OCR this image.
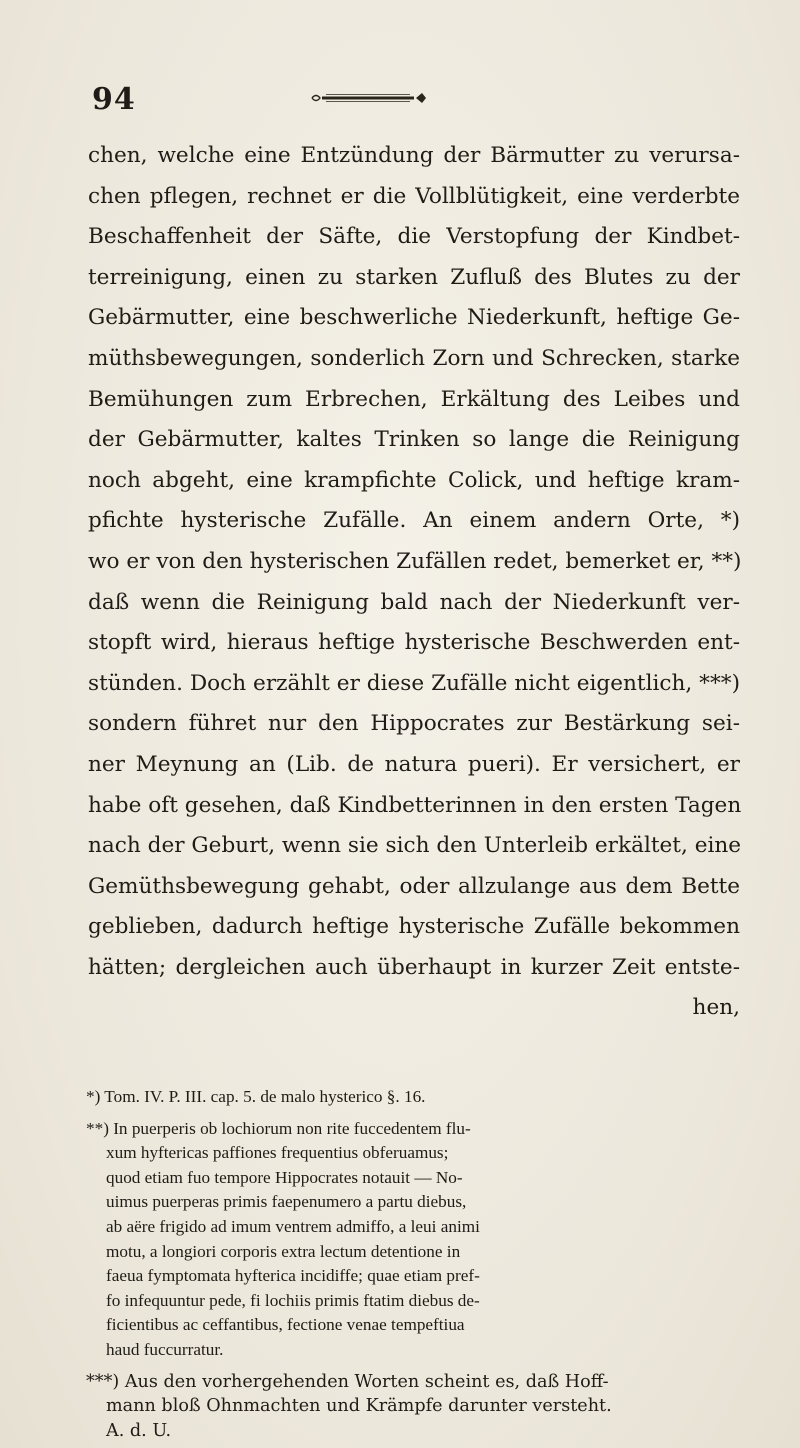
94
chen, welche eine Entzündung der Bärmutter zu verursa-
chen pflegen, rechnet er die Vollblütigkeit, eine verderbte
Beschaffenheit der Säfte, die Verstopfung der Kindbet-
terreinigung, einen zu starken Zufluß des Blutes zu der
Gebärmutter, eine beschwerliche Niederkunft, heftige Ge-
müthsbewegungen, sonderlich Zorn und Schrecken, starke
Bemühungen zum Erbrechen, Erkältung des Leibes und
der Gebärmutter, kaltes Trinken so lange die Reinigung
noch abgeht, eine krampfichte Colick, und heftige kram-
pfichte hysterische Zufälle. An einem andern Orte, *)
wo er von den hysterischen Zufällen redet, bemerket er, **)
daß wenn die Reinigung bald nach der Niederkunft ver-
stopft wird, hieraus heftige hysterische Beschwerden ent-
stünden. Doch erzählt er diese Zufälle nicht eigentlich, ***)
sondern führet nur den Hippocrates zur Bestärkung sei-
ner Meynung an (Lib. de natura pueri). Er versichert, er
habe oft gesehen, daß Kindbetterinnen in den ersten Tagen
nach der Geburt, wenn sie sich den Unterleib erkältet, eine
Gemüthsbewegung gehabt, oder allzulange aus dem Bette
geblieben, dadurch heftige hysterische Zufälle bekommen
hätten; dergleichen auch überhaupt in kurzer Zeit entste-
hen,
*) Tom. IV. P. III. cap. 5. de malo hysterico §. 16.
**) In puerperis ob lochiorum non rite fuccedentem flu-
xum hyftericas paffiones frequentius obferuamus;
quod etiam fuo tempore Hippocrates notauit — No-
uimus puerperas primis faepenumero a partu diebus,
ab aëre frigido ad imum ventrem admiffo, a leui animi
motu, a longiori corporis extra lectum detentione in
faeua fymptomata hyfterica incidiffe; quae etiam pref-
fo infequuntur pede, fi lochiis primis ftatim diebus de-
ficientibus ac ceffantibus, fectione venae tempeftiua
haud fuccurratur.
***) Aus den vorhergehenden Worten scheint es, daß Hoff-
mann bloß Ohnmachten und Krämpfe darunter versteht.
A. d. U.
